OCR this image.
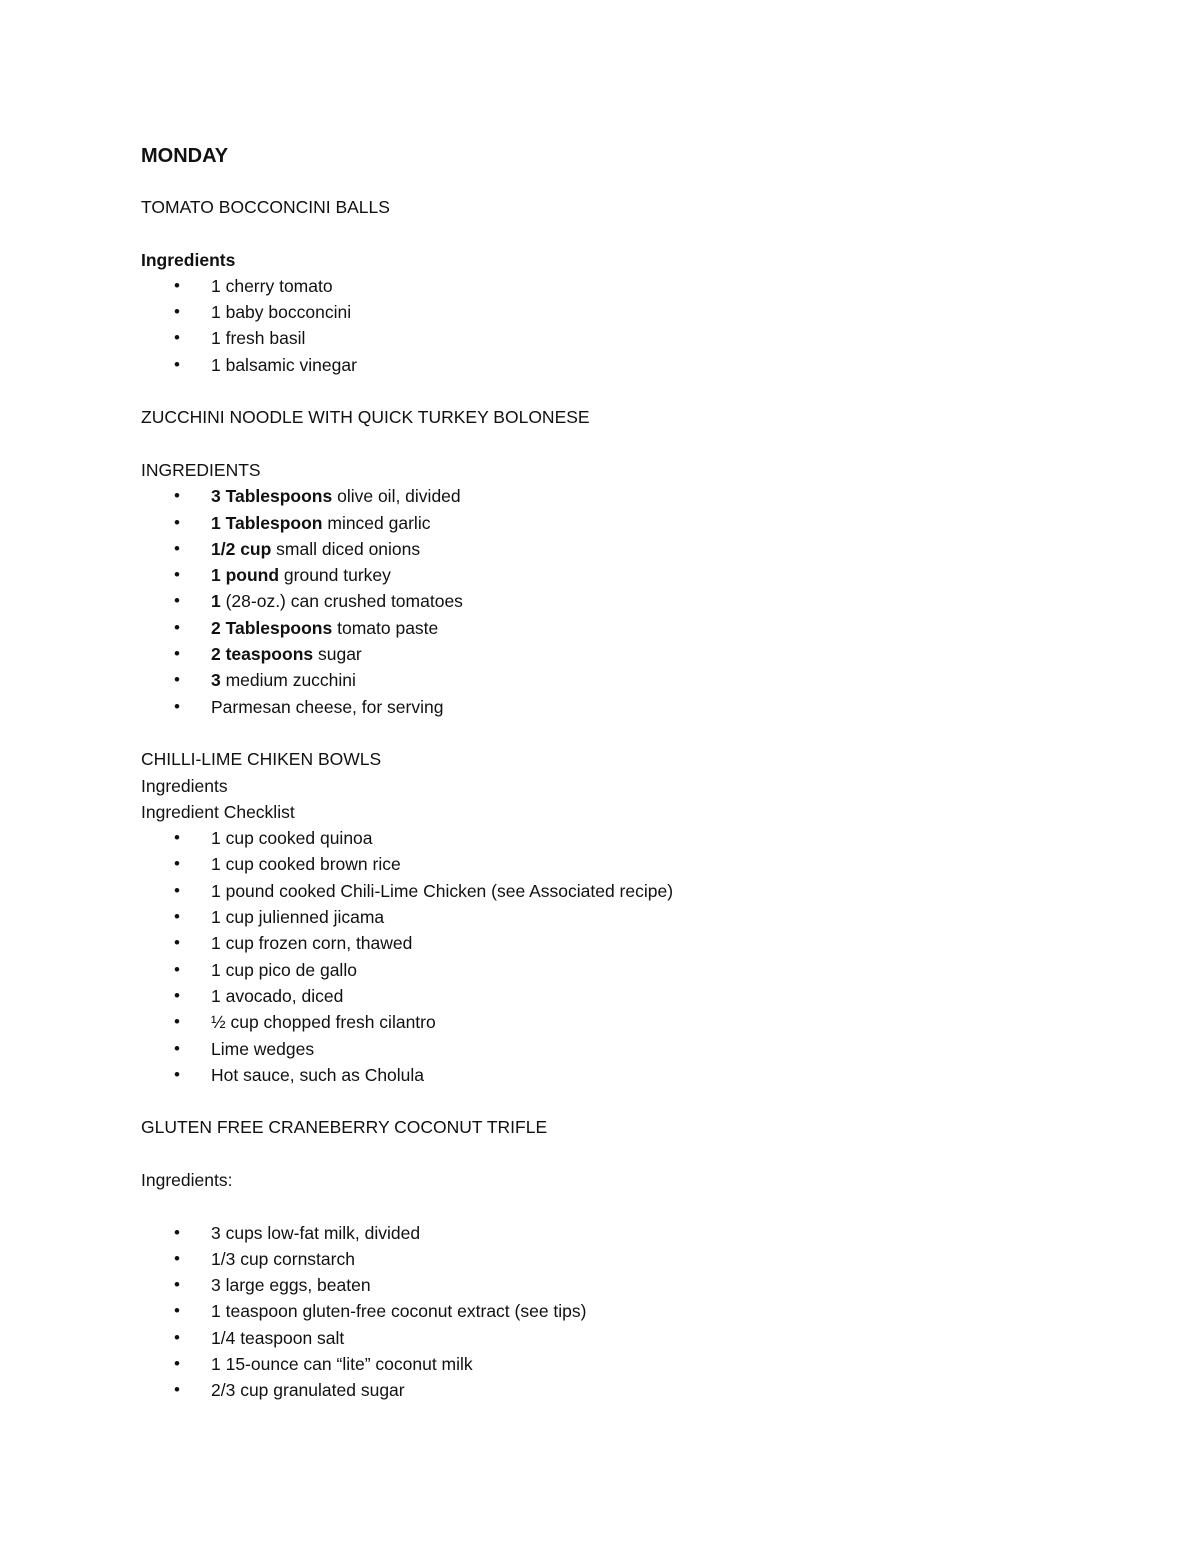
MONDAY
TOMATO BOCCONCINI BALLS
Ingredients
• 1 cherry tomato
• 1 baby bocconcini
• 1 fresh basil
• 1 balsamic vinegar
ZUCCHINI NOODLE WITH QUICK TURKEY BOLONESE
INGREDIENTS
• 3 Tablespoons olive oil, divided
• 1 Tablespoon minced garlic
• 1/2 cup small diced onions
• 1 pound ground turkey
• 1 (28-oz.) can crushed tomatoes
• 2 Tablespoons tomato paste
• 2 teaspoons sugar
• 3 medium zucchini
• Parmesan cheese, for serving
CHILLI-LIME CHIKEN BOWLS
Ingredients
Ingredient Checklist
• 1 cup cooked quinoa
• 1 cup cooked brown rice
• 1 pound cooked Chili-Lime Chicken (see Associated recipe)
• 1 cup julienned jicama
• 1 cup frozen corn, thawed
• 1 cup pico de gallo
• 1 avocado, diced
• ½ cup chopped fresh cilantro
• Lime wedges
• Hot sauce, such as Cholula
GLUTEN FREE CRANEBERRY COCONUT TRIFLE
Ingredients:
• 3 cups low-fat milk, divided
• 1/3 cup cornstarch
• 3 large eggs, beaten
• 1 teaspoon gluten-free coconut extract (see tips)
• 1/4 teaspoon salt
• 1 15-ounce can “lite” coconut milk
• 2/3 cup granulated sugar
